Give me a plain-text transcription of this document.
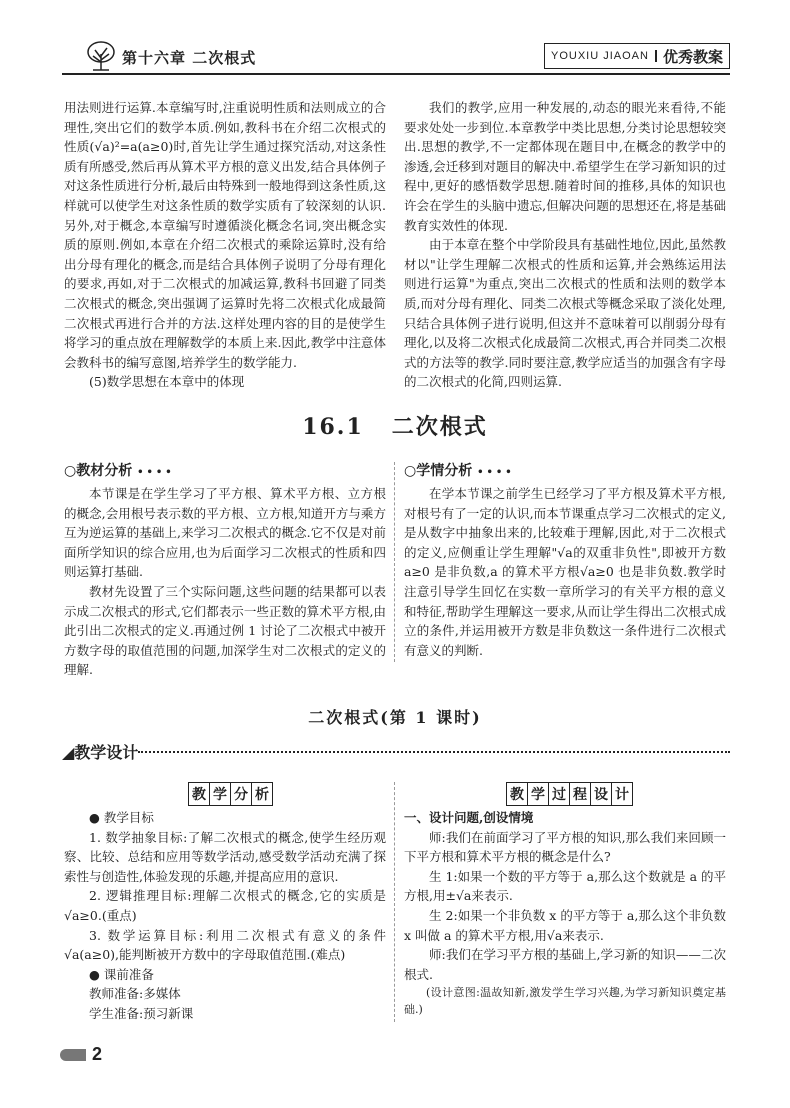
第十六章 二次根式	YOUXIU JIAOAN 优秀教案

用法则进行运算.本章编写时,注重说明性质和法则成立的合理性,突出它们的数学本质.例如,教科书在介绍二次根式的性质(√a)²=a(a≥0)时,首先让学生通过探究活动,对这条性质有所感受,然后再从算术平方根的意义出发,结合具体例子对这条性质进行分析,最后由特殊到一般地得到这条性质,这样就可以使学生对这条性质的数学实质有了较深刻的认识.另外,对于概念,本章编写时遵循淡化概念名词,突出概念实质的原则.例如,本章在介绍二次根式的乘除运算时,没有给出分母有理化的概念,而是结合具体例子说明了分母有理化的要求,再如,对于二次根式的加减运算,教科书回避了同类二次根式的概念,突出强调了运算时先将二次根式化成最简二次根式再进行合并的方法.这样处理内容的目的是使学生将学习的重点放在理解数学的本质上来.因此,教学中注意体会教科书的编写意图,培养学生的数学能力.

(5)数学思想在本章中的体现

我们的教学,应用一种发展的,动态的眼光来看待,不能要求处处一步到位.本章教学中类比思想,分类讨论思想较突出.思想的教学,不一定都体现在题目中,在概念的教学中的渗透,会迁移到对题目的解决中.希望学生在学习新知识的过程中,更好的感悟数学思想.随着时间的推移,具体的知识也许会在学生的头脑中遗忘,但解决问题的思想还在,将是基础教育实效性的体现.

由于本章在整个中学阶段具有基础性地位,因此,虽然教材以"让学生理解二次根式的性质和运算,并会熟练运用法则进行运算"为重点,突出二次根式的性质和法则的数学本质,而对分母有理化、同类二次根式等概念采取了淡化处理,只结合具体例子进行说明,但这并不意味着可以削弱分母有理化,以及将二次根式化成最简二次根式,再合并同类二次根式的方法等的教学.同时要注意,教学应适当的加强含有字母的二次根式的化简,四则运算.

16.1 二次根式
○教材分析 ••••

本节课是在学生学习了平方根、算术平方根、立方根的概念,会用根号表示数的平方根、立方根,知道开方与乘方互为逆运算的基础上,来学习二次根式的概念.它不仅是对前面所学知识的综合应用,也为后面学习二次根式的性质和四则运算打基础.

教材先设置了三个实际问题,这些问题的结果都可以表示成二次根式的形式,它们都表示一些正数的算术平方根,由此引出二次根式的定义.再通过例 1 讨论了二次根式中被开方数字母的取值范围的问题,加深学生对二次根式的定义的理解.

○学情分析 ••••

在学本节课之前学生已经学习了平方根及算术平方根,对根号有了一定的认识,而本节课重点学习二次根式的定义,是从数字中抽象出来的,比较难于理解,因此,对于二次根式的定义,应侧重让学生理解"√a的双重非负性",即被开方数 a≥0 是非负数,a 的算术平方根√a≥0 也是非负数.教学时注意引导学生回忆在实数一章所学习的有关平方根的意义和特征,帮助学生理解这一要求,从而让学生得出二次根式成立的条件,并运用被开方数是非负数这一条件进行二次根式有意义的判断.

二次根式(第 1 课时)
◢教学设计
教 学 分 析

● 教学目标

1. 数学抽象目标:了解二次根式的概念,使学生经历观察、比较、总结和应用等数学活动,感受数学活动充满了探索性与创造性,体验发现的乐趣,并提高应用的意识.

2. 逻辑推理目标:理解二次根式的概念,它的实质是√a≥0.(重点)

3. 数学运算目标:利用二次根式有意义的条件√a(a≥0),能判断被开方数中的字母取值范围.(难点)

● 课前准备

教师准备:多媒体

学生准备:预习新课

教 学 过 程 设 计

一、设计问题,创设情境

师:我们在前面学习了平方根的知识,那么我们来回顾一下平方根和算术平方根的概念是什么?

生 1:如果一个数的平方等于 a,那么这个数就是 a 的平方根,用±√a来表示.

生 2:如果一个非负数 x 的平方等于 a,那么这个非负数 x 叫做 a 的算术平方根,用√a来表示.

师:我们在学习平方根的基础上,学习新的知识——二次根式.

(设计意图:温故知新,激发学生学习兴趣,为学习新知识奠定基础.)

2
